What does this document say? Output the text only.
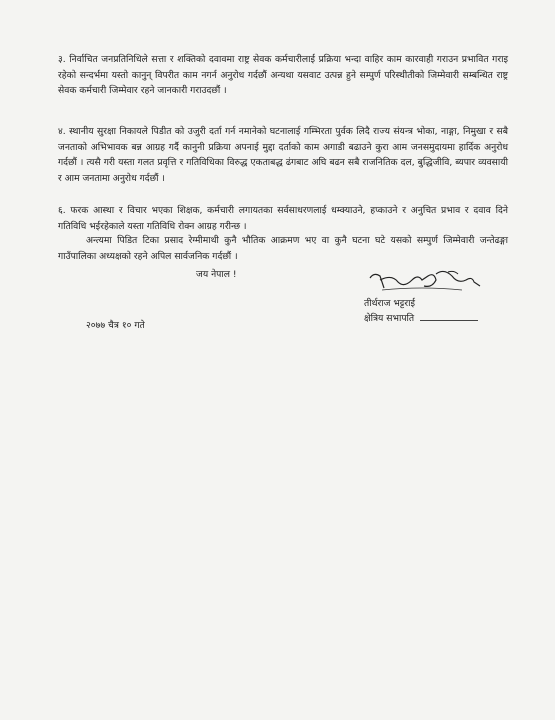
३. निर्वाचित जनप्रतिनिधिले सत्ता र शक्तिको दवावमा राष्ट्र सेवक कर्मचारीलाई प्रक्रिया भन्दा वाहिर काम कारवाही गराउन प्रभावित गराइ रहेको सन्दर्भमा यस्तो कानुन् विपरीत काम नगर्न अनुरोध गर्दछौं अन्यथा यसवाट उत्पन्न हुने सम्पुर्ण परिस्थीतीको जिम्मेवारी सम्बन्धित राष्ट्र सेवक कर्मचारी जिम्मेवार रहने जानकारी गराउदछौं ।

४. स्थानीय सुरक्षा निकायले पिडीत को उजुरी दर्ता गर्न नमानेको घटनालाई गम्भिरता पुर्वक लिदै राज्य संयन्त्र भोका, नाङ्गा, निमुखा र सबै जनताको अभिभावक बन्न आग्रह गर्दै कानुनी प्रक्रिया अपनाई मुद्दा दर्ताको काम अगाडी बढाउने कुरा आम जनसमुदायमा हार्दिक अनुरोध गर्दछौं । त्यसै गरी यस्ता गलत प्रवृत्ति र गतिविधिका विरुद्ध एकताबद्ध ढंगबाट अघि बढन सबै राजनितिक दल, बुद्धिजीवि, ब्यपार व्यवसायी र आम जनतामा अनुरोध गर्दछौं ।

६. फरक आस्था र विचार भएका शिक्षक, कर्मचारी लगायतका सर्वसाधरणलाई धम्क्याउने, हप्काउने र अनुचित प्रभाव र दवाव दिने गतिविधि भईरहेकाले यस्ता गतिविधि रोक्न आग्रह गरीन्छ ।

अन्त्यमा पिडित टिका प्रसाद रेग्मीमाथी कुनै भौतिक आक्रमण भए वा कुनै घटना घटे यसको सम्पुर्ण जिम्मेवारी जन्तेढङ्गा गाउँपालिका अध्यक्षको रहने अपिल सार्वजनिक गर्दछौं ।

जय नेपाल !

तीर्थराज भट्टराई

क्षेत्रिय सभापति

२०७७ चैत्र १० गते
